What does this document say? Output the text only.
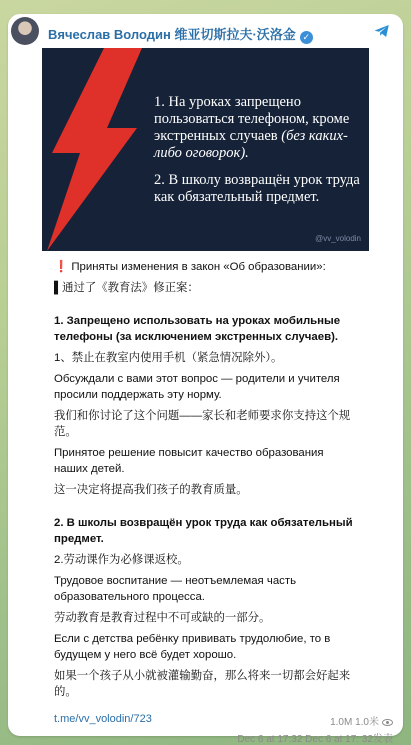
Вячеслав Володин 维亚切斯拉夫·沃洛金 ✓

1. На уроках запрещено пользоваться телефоном, кроме экстренных случаев (без каких-либо оговорок).

2. В школу возвращён урок труда как обязательный предмет.

@vv_volodin

❗ Приняты изменения в закон «Об образовании»:

▌通过了《教育法》修正案：

1. Запрещено использовать на уроках мобильные телефоны (за исключением экстренных случаев).

1、禁止在教室内使用手机（紧急情况除外）。

Обсуждали с вами этот вопрос — родители и учителя просили поддержать эту норму.

我们和你讨论了这个问题——家长和老师要求你支持这个规范。

Принятое решение повысит качество образования наших детей.

这一决定将提高我们孩子的教育质量。

2. В школы возвращён урок труда как обязательный предмет.

2.劳动课作为必修课返校。

Трудовое воспитание — неотъемлемая часть образовательного процесса.

劳动教育是教育过程中不可或缺的一部分。

Если с детства ребёнку прививать трудолюбие, то в будущем у него всё будет хорошо.

如果一个孩子从小就被灌输勤奋，那么将来一切都会好起来的。

t.me/vv_volodin/723	1.0M 1.0米
Dec 6 at 17:32 Dec 6 at 17: 32发表
